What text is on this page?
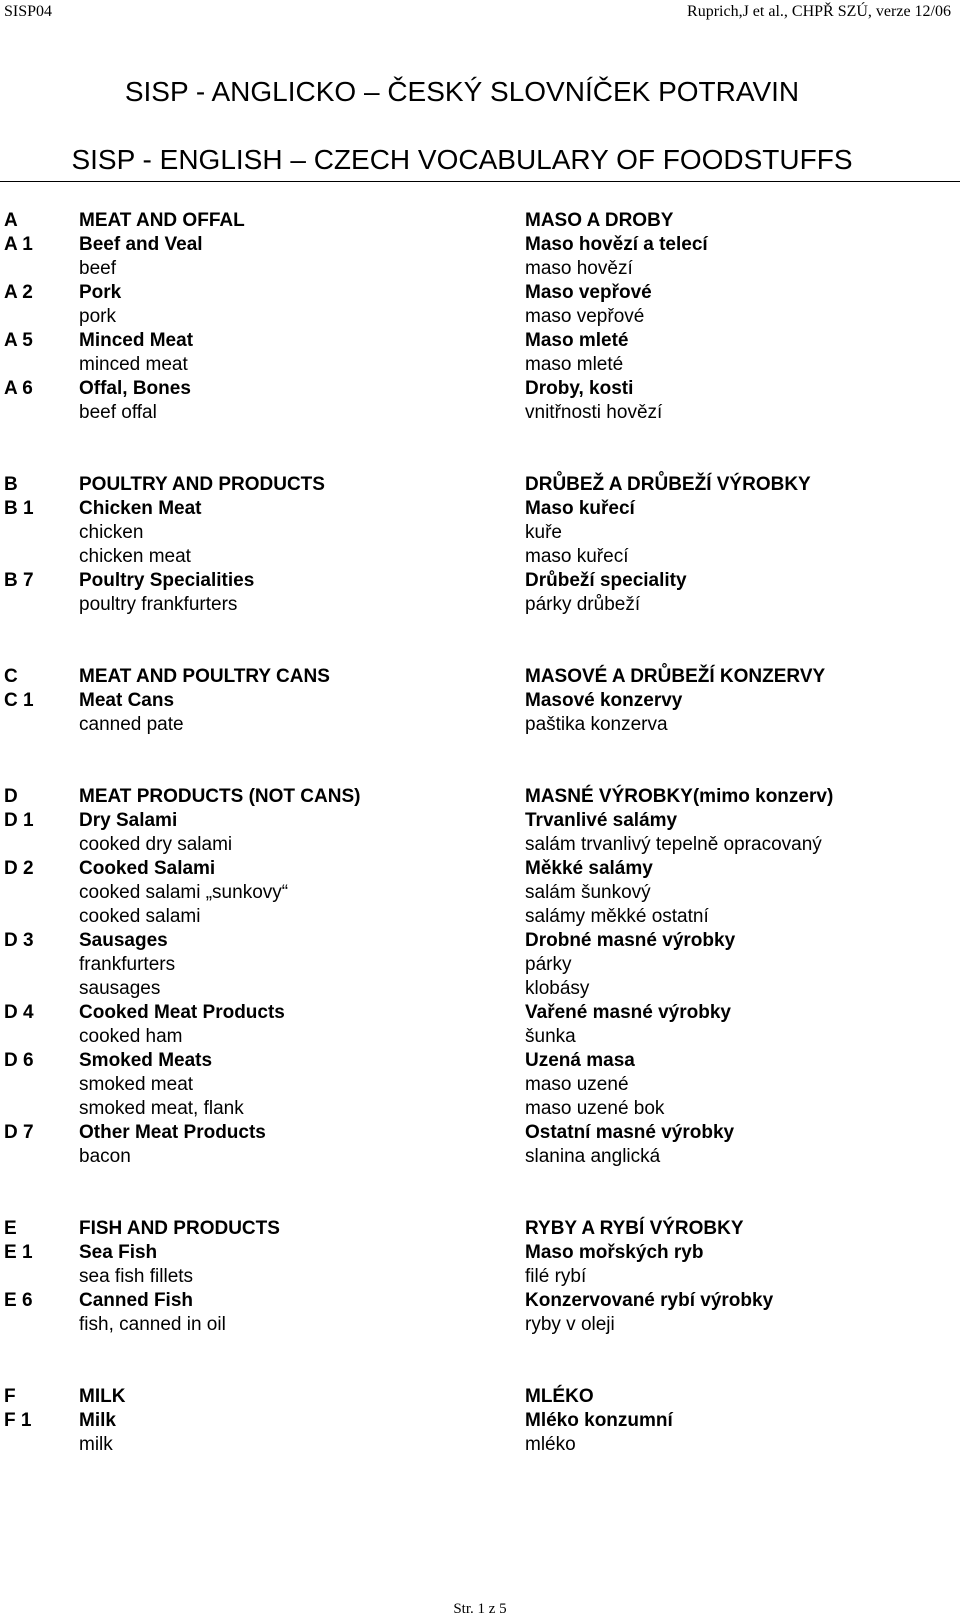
SISP04	Ruprich,J et al., CHPŘ SZÚ, verze 12/06
SISP - ANGLICKO – ČESKÝ SLOVNÍČEK POTRAVIN
SISP - ENGLISH – CZECH VOCABULARY OF FOODSTUFFS
A	MEAT AND OFFAL	MASO A DROBY
A 1 Beef and Veal	Maso hovězí a telecí
beef	maso hovězí
A 2 Pork	Maso vepřové
pork	maso vepřové
A 5 Minced Meat	Maso mleté
minced meat	maso mleté
A 6 Offal, Bones	Droby, kosti
beef offal	vnitřnosti hovězí
B	POULTRY AND PRODUCTS	DRŮBEŽ A DRŮBEŽÍ VÝROBKY
B 1 Chicken Meat	Maso kuřecí
chicken	kuře
chicken meat	maso kuřecí
B 7 Poultry Specialities	Drůbeží speciality
poultry frankfurters	párky drůbeží
C	MEAT AND POULTRY CANS	MASOVÉ A DRŮBEŽÍ KONZERVY
C 1 Meat Cans	Masové konzervy
canned pate	paštika konzerva
D	MEAT PRODUCTS (NOT CANS)	MASNÉ VÝROBKY(mimo konzerv)
D 1 Dry Salami	Trvanlivé salámy
cooked dry salami	salám trvanlivý tepelně opracovaný
D 2 Cooked Salami	Měkké salámy
cooked salami „sunkovy“	salám šunkový
cooked salami	salámy měkké ostatní
D 3 Sausages	Drobné masné výrobky
frankfurters	párky
sausages	klobásy
D 4 Cooked Meat Products	Vařené masné výrobky
cooked ham	šunka
D 6 Smoked Meats	Uzená masa
smoked meat	maso uzené
smoked meat, flank	maso uzené bok
D 7 Other Meat Products	Ostatní masné výrobky
bacon	slanina anglická
E	FISH AND PRODUCTS	RYBY A RYBÍ VÝROBKY
E 1 Sea Fish	Maso mořských ryb
sea fish fillets	filé rybí
E 6 Canned Fish	Konzervované rybí výrobky
fish, canned in oil	ryby v oleji
F	MILK	MLÉKO
F 1	Milk	Mléko konzumní
milk	mléko
Str. 1 z 5
